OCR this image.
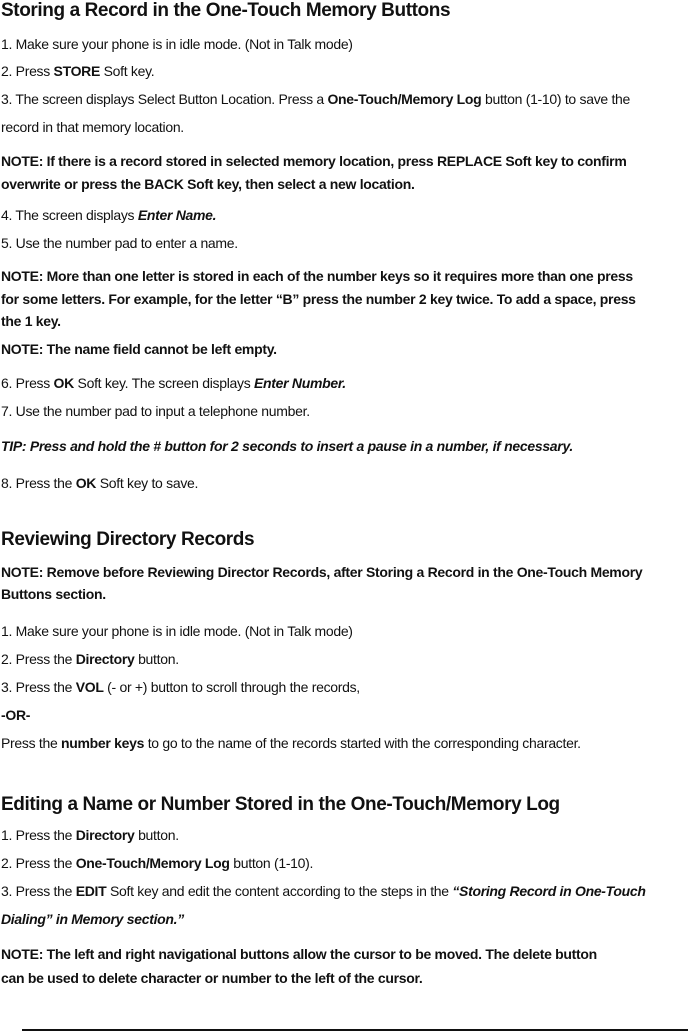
Storing a Record in the One-Touch Memory Buttons
1. Make sure your phone is in idle mode. (Not in Talk mode)
2. Press STORE Soft key.
3. The screen displays Select Button Location. Press a One-Touch/Memory Log button (1-10) to save the
record in that memory location.
NOTE: If there is a record stored in selected memory location, press REPLACE Soft key to confirm
overwrite or press the BACK Soft key, then select a new location.
4. The screen displays Enter Name.
5. Use the number pad to enter a name.
NOTE: More than one letter is stored in each of the number keys so it requires more than one press
for some letters. For example, for the letter “B” press the number 2 key twice. To add a space, press
the 1 key.
NOTE: The name field cannot be left empty.
6. Press OK Soft key. The screen displays Enter Number.
7. Use the number pad to input a telephone number.
TIP: Press and hold the # button for 2 seconds to insert a pause in a number, if necessary.
8. Press the OK Soft key to save.
Reviewing Directory Records
NOTE: Remove before Reviewing Director Records, after Storing a Record in the One-Touch Memory
Buttons section.
1. Make sure your phone is in idle mode. (Not in Talk mode)
2. Press the Directory button.
3. Press the VOL (- or +) button to scroll through the records,
-OR-
Press the number keys to go to the name of the records started with the corresponding character.
Editing a Name or Number Stored in the One-Touch/Memory Log
1. Press the Directory button.
2. Press the One-Touch/Memory Log button (1-10).
3. Press the EDIT Soft key and edit the content according to the steps in the “Storing Record in One-Touch
Dialing” in Memory section.”
NOTE: The left and right navigational buttons allow the cursor to be moved. The delete button
can be used to delete character or number to the left of the cursor.
